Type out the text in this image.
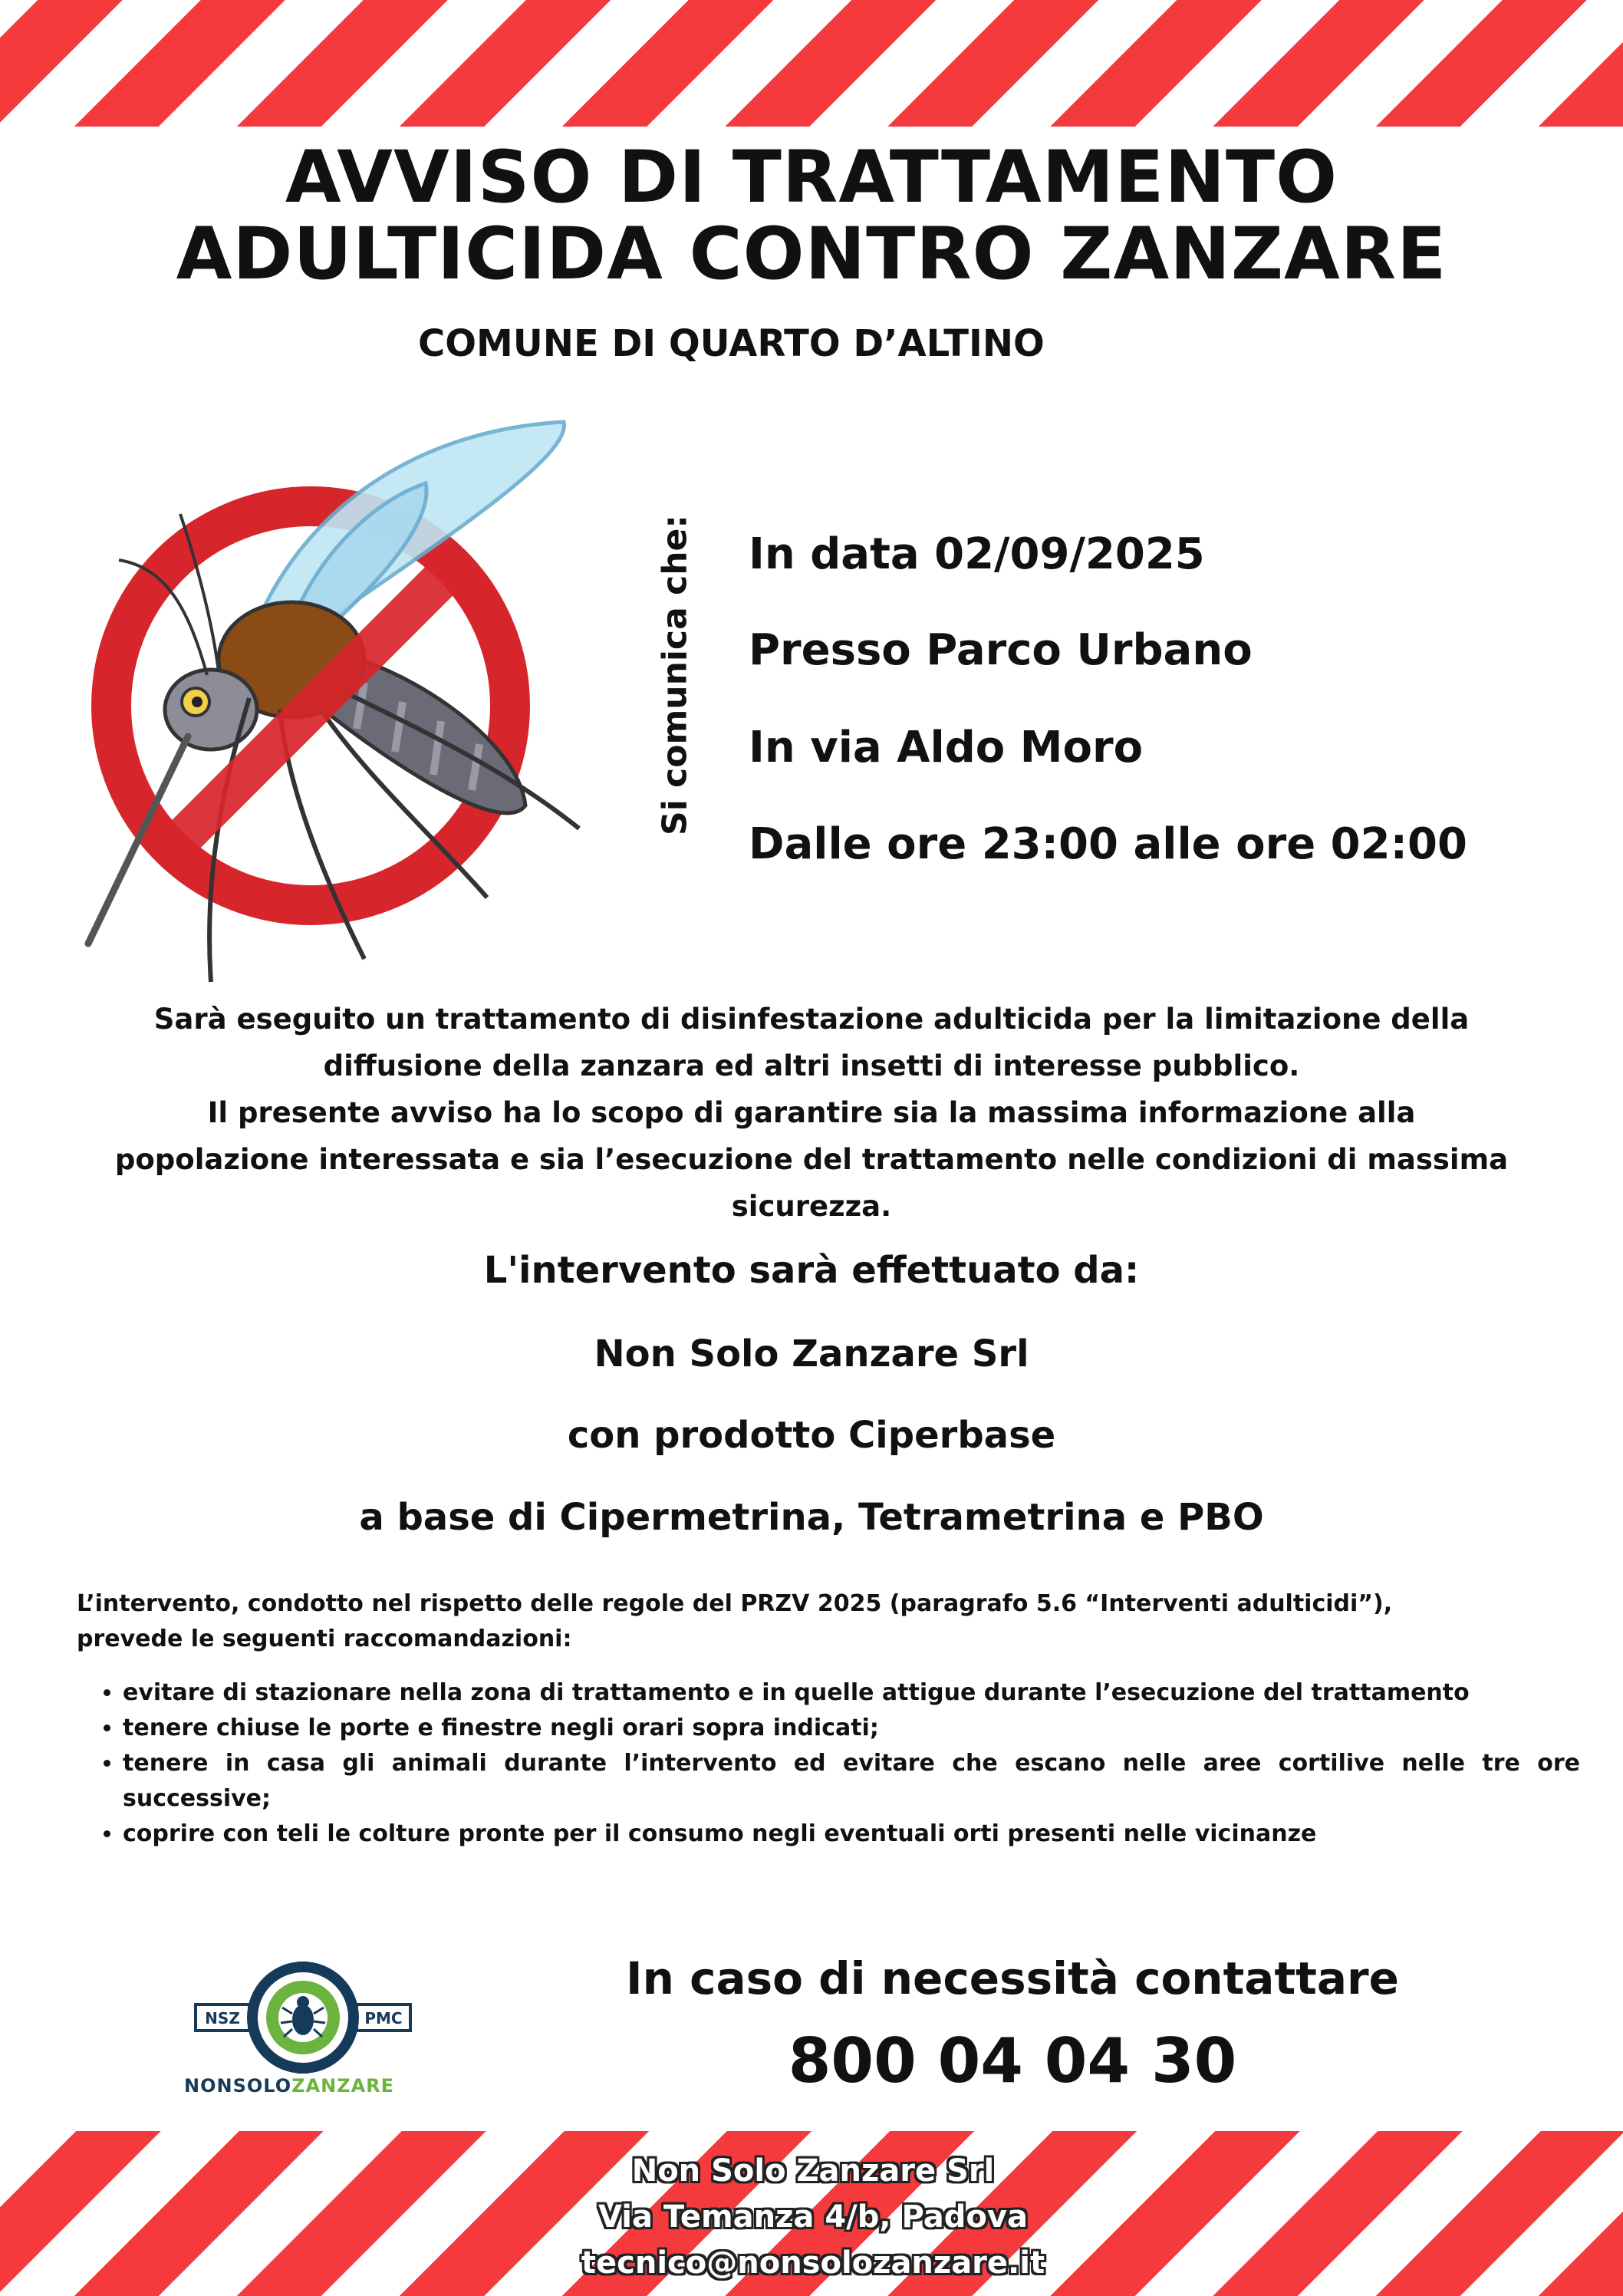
AVVISO DI TRATTAMENTO
ADULTICIDA CONTRO ZANZARE
COMUNE DI QUARTO D’ALTINO
Si comunica che: In data 02/09/2025
Presso Parco Urbano
In via Aldo Moro
Dalle ore 23:00 alle ore 02:00
Sarà eseguito un trattamento di disinfestazione adulticida per la limitazione della
diffusione della zanzara ed altri insetti di interesse pubblico.
Il presente avviso ha lo scopo di garantire sia la massima informazione alla
popolazione interessata e sia l’esecuzione del trattamento nelle condizioni di massima
sicurezza.
L'intervento sarà effettuato da:
Non Solo Zanzare Srl
con prodotto Ciperbase
a base di Cipermetrina, Tetrametrina e PBO
L’intervento, condotto nel rispetto delle regole del PRZV 2025 (paragrafo 5.6 “Interventi adulticidi”),
prevede le seguenti raccomandazioni:
• evitare di stazionare nella zona di trattamento e in quelle attigue durante l’esecuzione del trattamento
• tenere chiuse le porte e finestre negli orari sopra indicati;
• tenere in casa gli animali durante l’intervento ed evitare che escano nelle aree cortilive nelle tre ore successive;
• coprire con teli le colture pronte per il consumo negli eventuali orti presenti nelle vicinanze
NSZ	PMC
NONSOLOZANZARE
In caso di necessità contattare
800 04 04 30
Non Solo Zanzare Srl
Via Temanza 4/b, Padova
tecnico@nonsolozanzare.it
